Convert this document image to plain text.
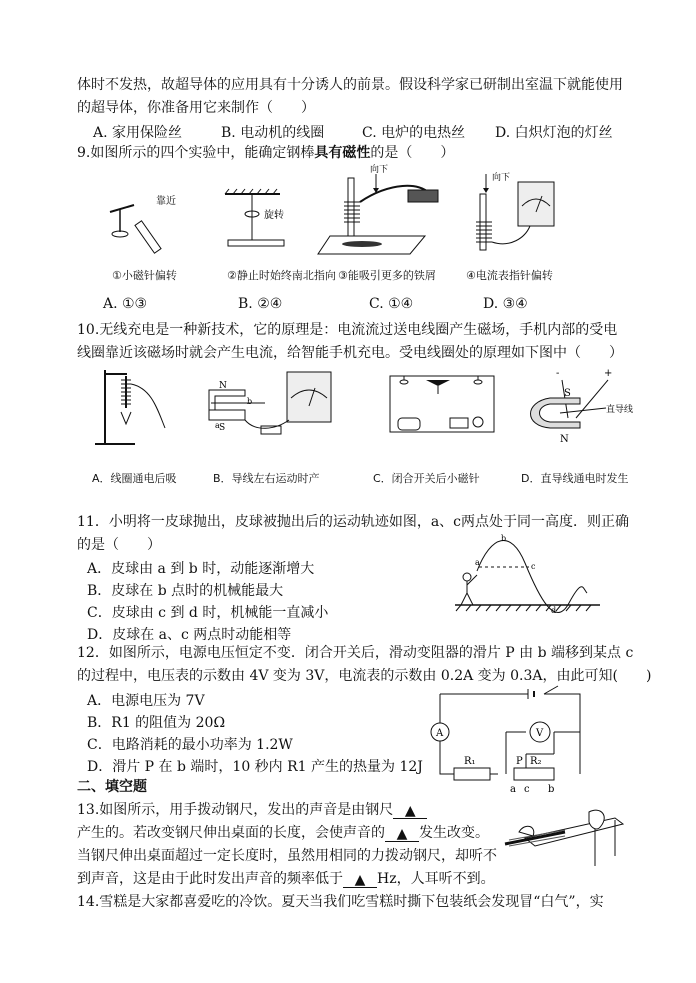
体时不发热，故超导体的应用具有十分诱人的前景。假设科学家已研制出室温下就能使用
的超导体，你准备用它来制作（　　）
A. 家用保险丝	B. 电动机的线圈	C. 电炉的电热丝 D. 白炽灯泡的灯丝
9.如图所示的四个实验中，能确定钢棒具有磁性的是（　　）
靠近
①小磁针偏转
旋转
②静止时始终南北指向
向下
③能吸引更多的铁屑
向下
④电流表指针偏转
A. ①③	B. ②④	C. ①④	D. ③④
10.无线充电是一种新技术，它的原理是：电流流过送电线圈产生磁场，手机内部的受电
线圈靠近该磁场时就会产生电流，给智能手机充电。受电线圈处的原理如下图中（　　）
A．线圈通电后吸
N
S
a
b
B．导线左右运动时产	C．闭合开关后小磁针
-	+
S
N
直导线
D．直导线通电时发生
11．小明将一皮球抛出，皮球被抛出后的运动轨迹如图，a、c两点处于同一高度．则正确
的是（　　）
A．皮球由 a 到 b 时，动能逐渐增大
B．皮球在 b 点时的机械能最大
C．皮球由 c 到 d 时，机械能一直减小
D．皮球在 a、c 两点时动能相等
a
b
c
d
12．如图所示，电源电压恒定不变．闭合开关后，滑动变阻器的滑片 P 由 b 端移到某点 c
的过程中，电压表的示数由 4V 变为 3V，电流表的示数由 0.2A 变为 0.3A，由此可知(　　)
A．电源电压为 7V
B．R1 的阻值为 20Ω
C．电路消耗的最小功率为 1.2W
D．滑片 P 在 b 端时，10 秒内 R1 产生的热量为 12J
A	V
R₁	R₂
P
a c b
二、填空题
13.如图所示，用手拨动钢尺，发出的声音是由钢尺 ▲
产生的。若改变钢尺伸出桌面的长度，会使声音的 ▲ 发生改变。
当钢尺伸出桌面超过一定长度时，虽然用相同的力拨动钢尺，却听不
到声音，这是由于此时发出声音的频率低于 ▲ Hz，人耳听不到。
14.雪糕是大家都喜爱吃的冷饮。夏天当我们吃雪糕时撕下包装纸会发现冒“白气”，实
